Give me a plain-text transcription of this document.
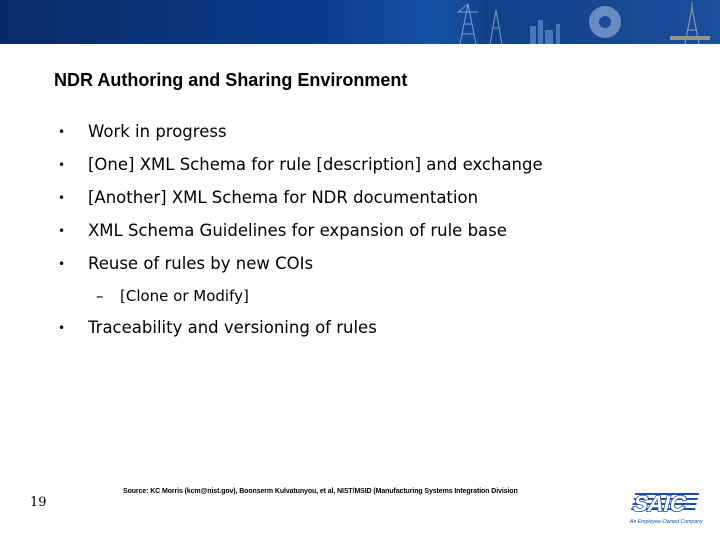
NDR Authoring and Sharing Environment
• Work in progress
• [One] XML Schema for rule [description] and exchange
• [Another] XML Schema for NDR documentation
• XML Schema Guidelines for expansion of rule base
• Reuse of rules by new COIs
– [Clone or Modify]
• Traceability and versioning of rules
19
Source: KC Morris (kcm@nist.gov), Boonserm Kulvatunyou, et al, NIST/MSID (Manufacturing Systems Integration Division	SAIC
An Employee-Owned Company
